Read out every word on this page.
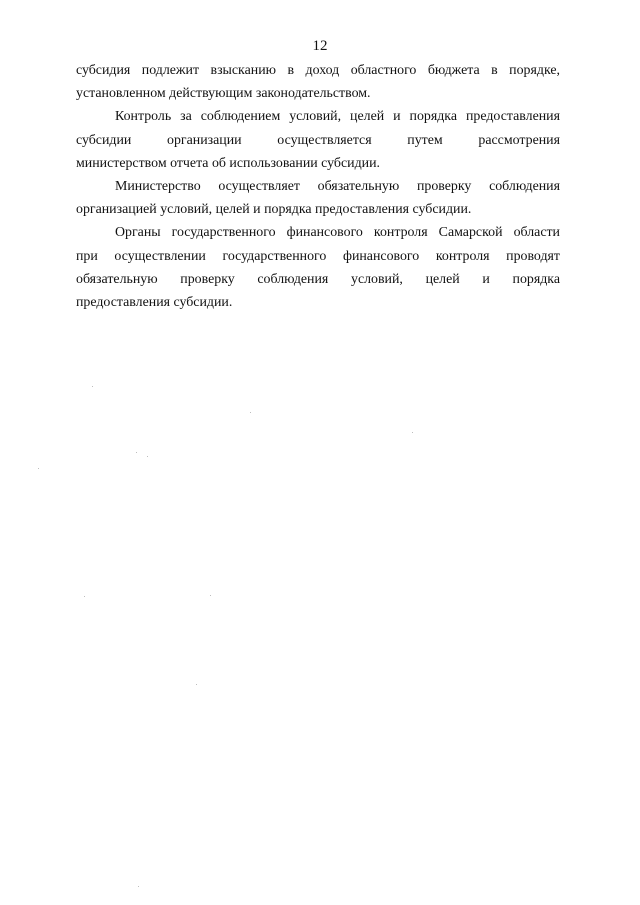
12

субсидия подлежит взысканию в доход областного бюджета в порядке,
установленном действующим законодательством.

Контроль за соблюдением условий, целей и порядка предоставления
субсидии организации осуществляется путем рассмотрения
министерством отчета об использовании субсидии.

Министерство осуществляет обязательную проверку соблюдения
организацией условий, целей и порядка предоставления субсидии.

Органы государственного финансового контроля Самарской области
при осуществлении государственного финансового контроля проводят
обязательную проверку соблюдения условий, целей и порядка
предоставления субсидии.
